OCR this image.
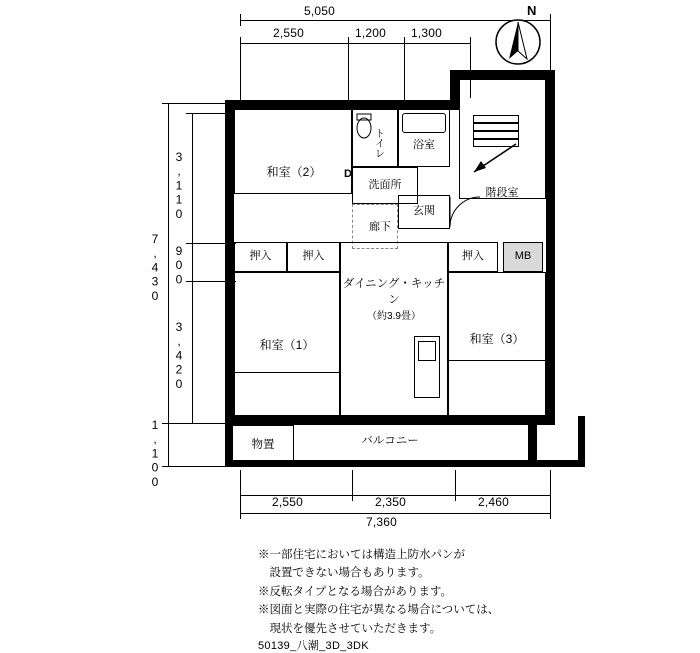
5,050
2,550	1,200 1,300
N
7,430
3,110
900
3,420
1,100
階段室
和室（2）
トイレ	浴室
洗面所
玄関
廊下
D
押入	押入	押入	MB
ダイニング・キッチン
（約3.9畳）
和室（1）	和室（3）
バルコニー
物置
2,550	2,350	2,460
7,360
※一部住宅においては構造上防水パンが
　設置できない場合もあります。
※反転タイプとなる場合があります。
※図面と実際の住宅が異なる場合については、
　現状を優先させていただきます。
50139_八潮_3D_3DK
